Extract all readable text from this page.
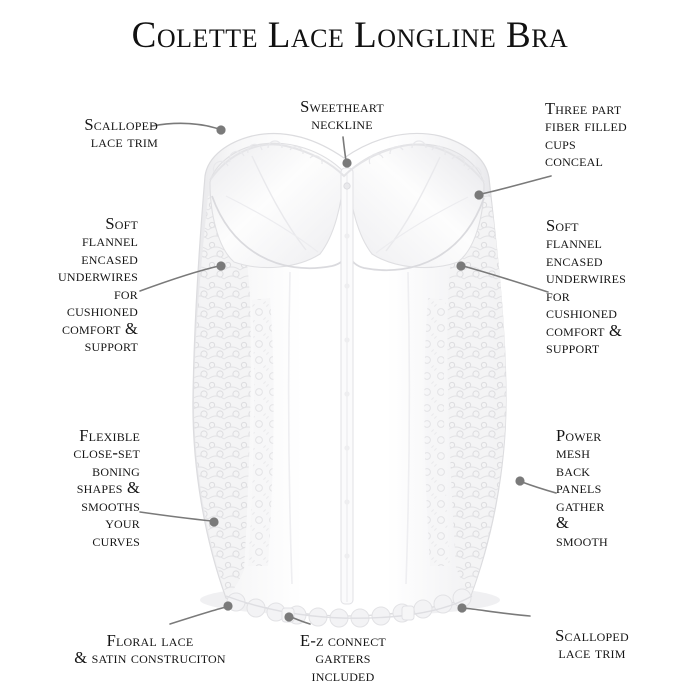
Colette Lace Longline Bra
Scalloped
lace trim
Sweetheart
neckline
Three part
fiber filled
cups
conceal
Soft
flannel
encased
underwires
for
cushioned
comfort &
support
Soft
flannel
encased
underwires
for
cushioned
comfort &
support
Flexible
close-set
boning
shapes &
smooths
your
curves
Power
mesh
back
panels
gather
&
smooth
Floral lace
& satin construciton
E-z connect
garters
included
Scalloped
lace trim
